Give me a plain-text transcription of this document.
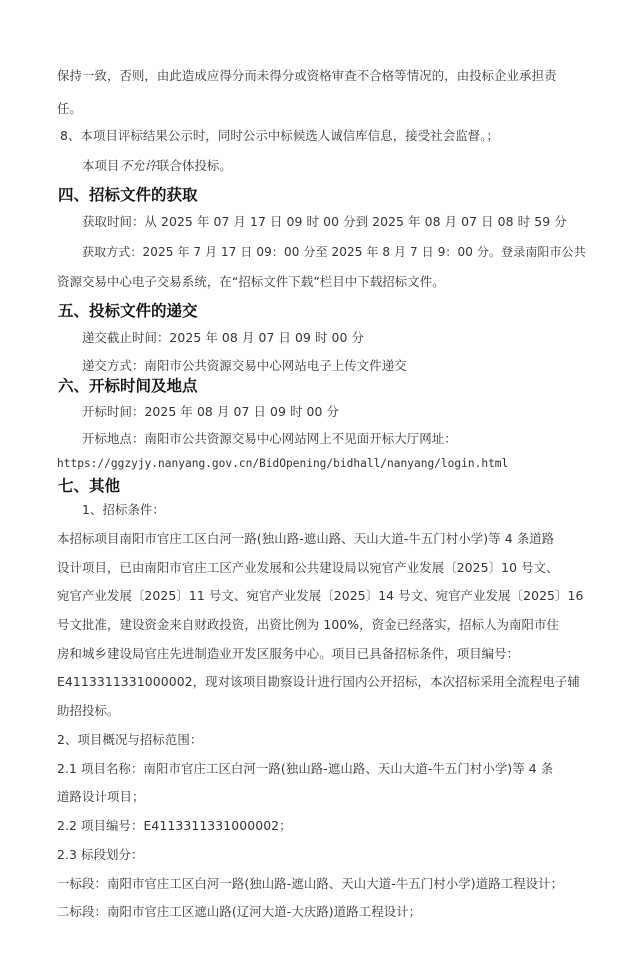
保持一致，否则，由此造成应得分而未得分或资格审查不合格等情况的，由投标企业承担责
任。
8、本项目评标结果公示时，同时公示中标候选人诚信库信息，接受社会监督。；
本项目不允许联合体投标。
四、招标文件的获取
获取时间：从 2025 年 07 月 17 日 09 时 00 分到 2025 年 08 月 07 日 08 时 59 分
获取方式：2025 年 7 月 17 日 09：00 分至 2025 年 8 月 7 日 9：00 分。登录南阳市公共
资源交易中心电子交易系统，在“招标文件下载”栏目中下载招标文件。
五、投标文件的递交
递交截止时间：2025 年 08 月 07 日 09 时 00 分
递交方式：南阳市公共资源交易中心网站电子上传文件递交
六、开标时间及地点
开标时间：2025 年 08 月 07 日 09 时 00 分
开标地点：南阳市公共资源交易中心网站网上不见面开标大厅网址：
https://ggzyjy.nanyang.gov.cn/BidOpening/bidhall/nanyang/login.html
七、其他
1、招标条件：
本招标项目南阳市官庄工区白河一路(独山路-遮山路、天山大道-牛五门村小学)等 4 条道路
设计项目，已由南阳市官庄工区产业发展和公共建设局以宛官产业发展〔2025〕10 号文、
宛官产业发展〔2025〕11 号文、宛官产业发展〔2025〕14 号文、宛官产业发展〔2025〕16
号文批准，建设资金来自财政投资，出资比例为 100%，资金已经落实，招标人为南阳市住
房和城乡建设局官庄先进制造业开发区服务中心。项目已具备招标条件，项目编号：
E4113311331000002，现对该项目勘察设计进行国内公开招标，本次招标采用全流程电子辅
助招投标。
2、项目概况与招标范围：
2.1 项目名称：南阳市官庄工区白河一路(独山路-遮山路、天山大道-牛五门村小学)等 4 条
道路设计项目；
2.2 项目编号：E4113311331000002；
2.3 标段划分：
一标段：南阳市官庄工区白河一路(独山路-遮山路、天山大道-牛五门村小学)道路工程设计；
二标段：南阳市官庄工区遮山路(辽河大道-大庆路)道路工程设计；
